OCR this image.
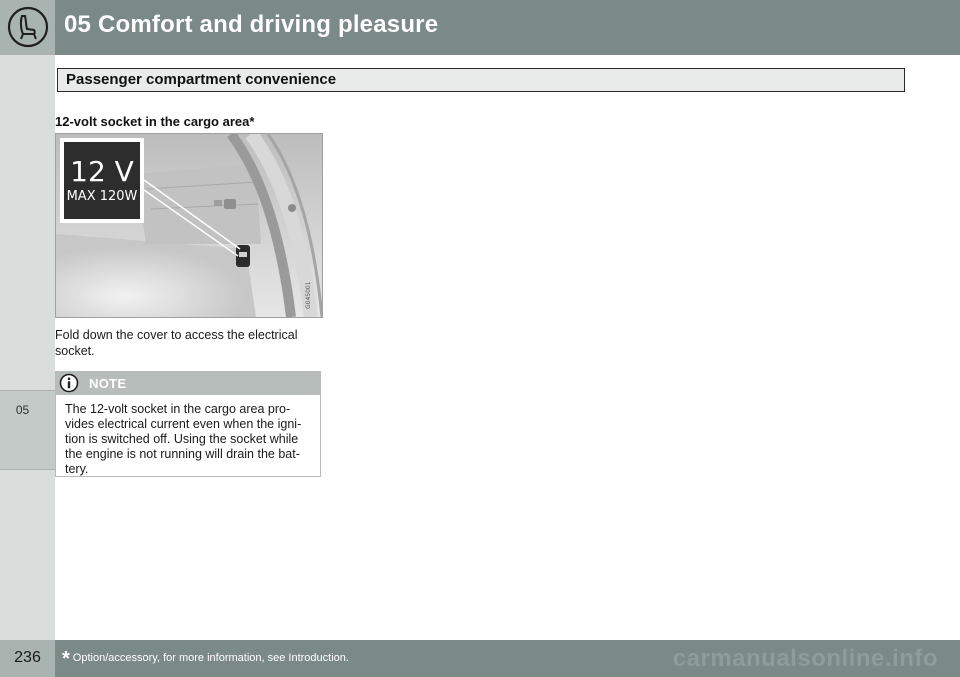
05 Comfort and driving pleasure
05
Passenger compartment convenience
12-volt socket in the cargo area*
12 V
MAX 120W
G045001
Fold down the cover to access the electrical socket.
NOTE
The 12-volt socket in the cargo area pro-vides electrical current even when the igni-tion is switched off. Using the socket while the engine is not running will drain the bat-tery.
236	* Option/accessory, for more information, see Introduction.	carmanualsonline.info
